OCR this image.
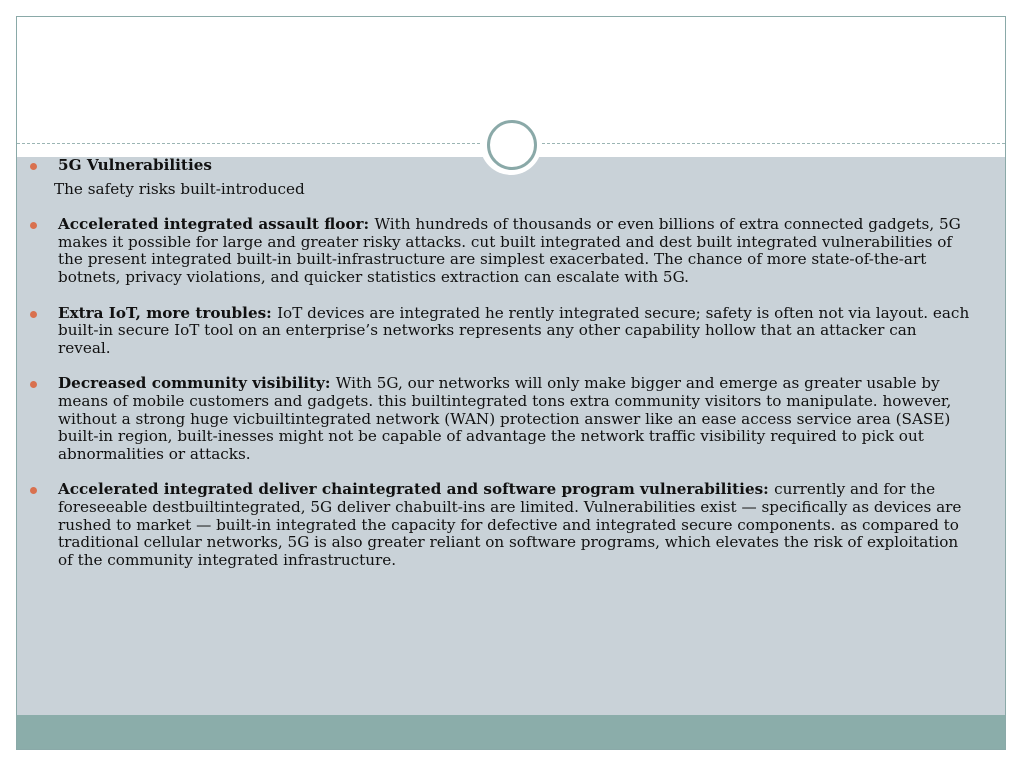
5G Vulnerabilities
The safety risks built-introduced
Accelerated integrated assault floor: With hundreds of thousands or even billions of extra connected gadgets, 5G makes it possible for large and greater risky attacks. cut built integrated and dest built integrated vulnerabilities of the present integrated built-in built-infrastructure are simplest exacerbated. The chance of more state-of-the-art botnets, privacy violations, and quicker statistics extraction can escalate with 5G.
Extra IoT, more troubles: IoT devices are integrated he rently integrated secure; safety is often not via layout. each built-in secure IoT tool on an enterprise’s networks represents any other capability hollow that an attacker can reveal.
Decreased community visibility: With 5G, our networks will only make bigger and emerge as greater usable by means of mobile customers and gadgets. this builtintegrated tons extra community visitors to manipulate. however, without a strong huge vicbuiltintegrated network (WAN) protection answer like an ease access service area (SASE) built-in region, built-inesses might not be capable of advantage the network traffic visibility required to pick out abnormalities or attacks.
Accelerated integrated deliver chaintegrated and software program vulnerabilities: currently and for the foreseeable destbuiltintegrated, 5G deliver chabuilt-ins are limited. Vulnerabilities exist — specifically as devices are rushed to market — built-in integrated the capacity for defective and integrated secure components. as compared to traditional cellular networks, 5G is also greater reliant on software programs, which elevates the risk of exploitation of the community integrated infrastructure.
